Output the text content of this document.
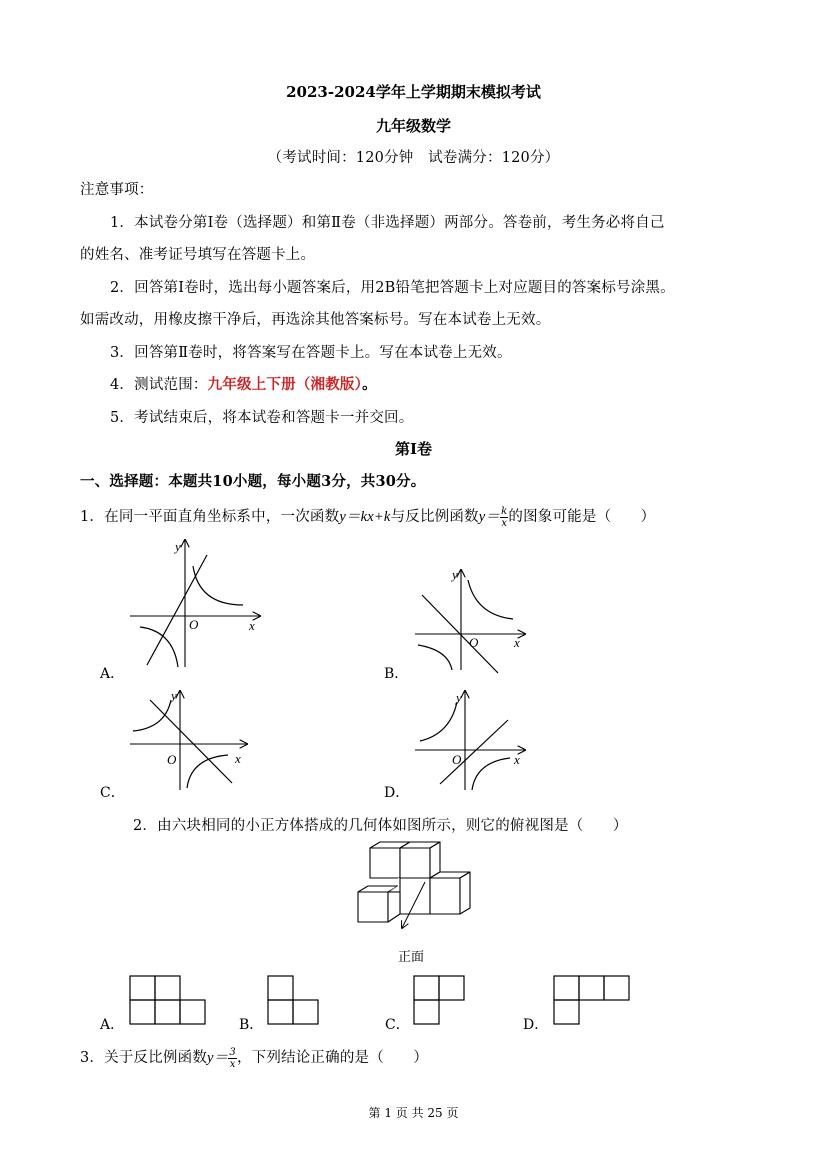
2023-2024学年上学期期末模拟考试
九年级数学
（考试时间：120分钟　试卷满分：120分）
注意事项：
1．本试卷分第Ⅰ卷（选择题）和第Ⅱ卷（非选择题）两部分。答卷前，考生务必将自己
的姓名、准考证号填写在答题卡上。
2．回答第Ⅰ卷时，选出每小题答案后，用2B铅笔把答题卡上对应题目的答案标号涂黑。
如需改动，用橡皮擦干净后，再选涂其他答案标号。写在本试卷上无效。
3．回答第Ⅱ卷时，将答案写在答题卡上。写在本试卷上无效。
4．测试范围：九年级上下册（湘教版）。
5．考试结束后，将本试卷和答题卡一并交回。
第Ⅰ卷
一、选择题：本题共10小题，每小题3分，共30分。
1．在同一平面直角坐标系中，一次函数y＝kx+k与反比例函数$y= \frac{k}{x}$ 的图象可能是（　　）
y
x
O
A．
y
x
O
B．
y
x
O
C．
y
x
O
D．
2．由六块相同的小正方体搭成的几何体如图所示，则它的俯视图是（　　）
正面
A．	B．	C．	D．
3．关于反比例函数$y= \frac{3}{x}$ ，下列结论正确的是（　　）
第 1 页 共 25 页
